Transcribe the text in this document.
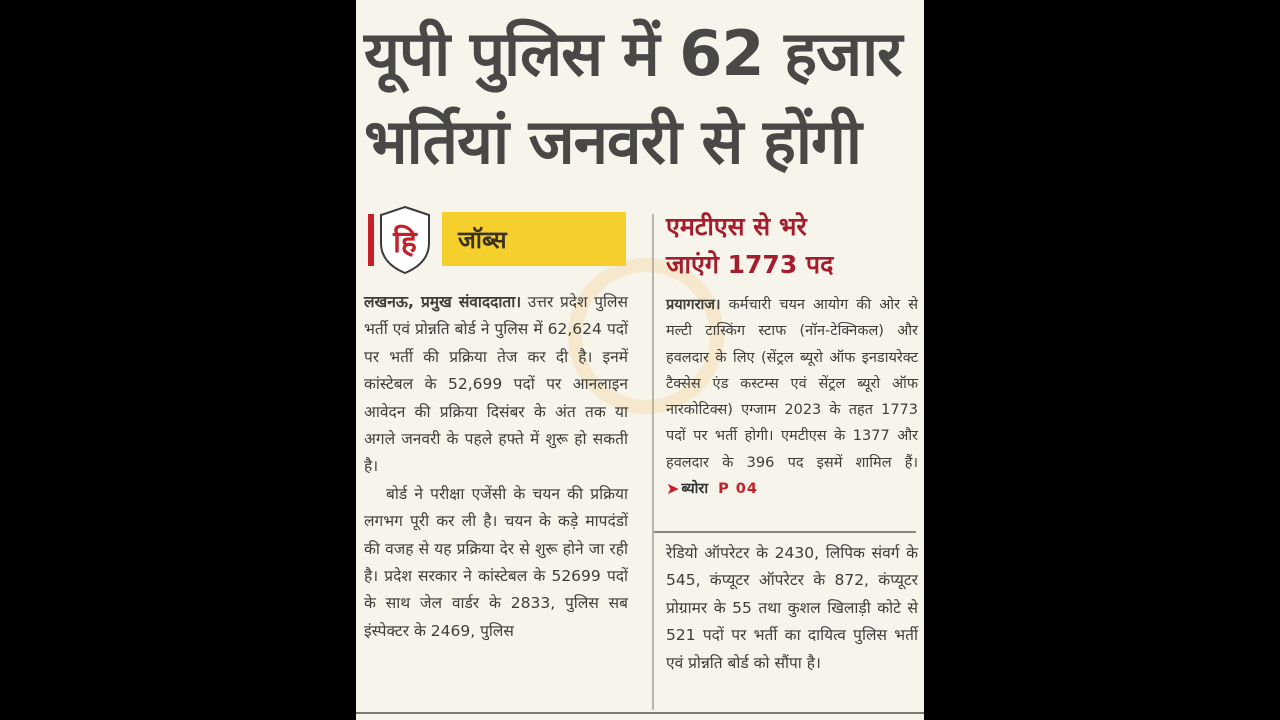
यूपी पुलिस में 62 हजार
भर्तियां जनवरी से होंगी
हि जॉब्स

लखनऊ, प्रमुख संवाददाता। उत्तर प्रदेश पुलिस भर्ती एवं प्रोन्नति बोर्ड ने पुलिस में 62,624 पदों पर भर्ती की प्रक्रिया तेज कर दी है। इनमें कांस्टेबल के 52,699 पदों पर आनलाइन आवेदन की प्रक्रिया दिसंबर के अंत तक या अगले जनवरी के पहले हफ्ते में शुरू हो सकती है।

बोर्ड ने परीक्षा एजेंसी के चयन की प्रक्रिया लगभग पूरी कर ली है। चयन के कड़े मापदंडों की वजह से यह प्रक्रिया देर से शुरू होने जा रही है। प्रदेश सरकार ने कांस्टेबल के 52699 पदों के साथ जेल वार्डर के 2833, पुलिस सब इंस्पेक्टर के 2469, पुलिस

एमटीएस से भरे
जाएंगे 1773 पद

प्रयागराज। कर्मचारी चयन आयोग की ओर से मल्टी टास्किंग स्टाफ (नॉन-टेक्निकल) और हवलदार के लिए (सेंट्रल ब्यूरो ऑफ इनडायरेक्ट टैक्सेस एंड कस्टम्स एवं सेंट्रल ब्यूरो ऑफ नारकोटिक्स) एग्जाम 2023 के तहत 1773 पदों पर भर्ती होगी। एमटीएस के 1377 और हवलदार के 396 पद इसमें शामिल हैं।
➤ ब्योरा P 04

रेडियो ऑपरेटर के 2430, लिपिक संवर्ग के 545, कंप्यूटर ऑपरेटर के 872, कंप्यूटर प्रोग्रामर के 55 तथा कुशल खिलाड़ी कोटे से 521 पदों पर भर्ती का दायित्व पुलिस भर्ती एवं प्रोन्नति बोर्ड को सौंपा है।
